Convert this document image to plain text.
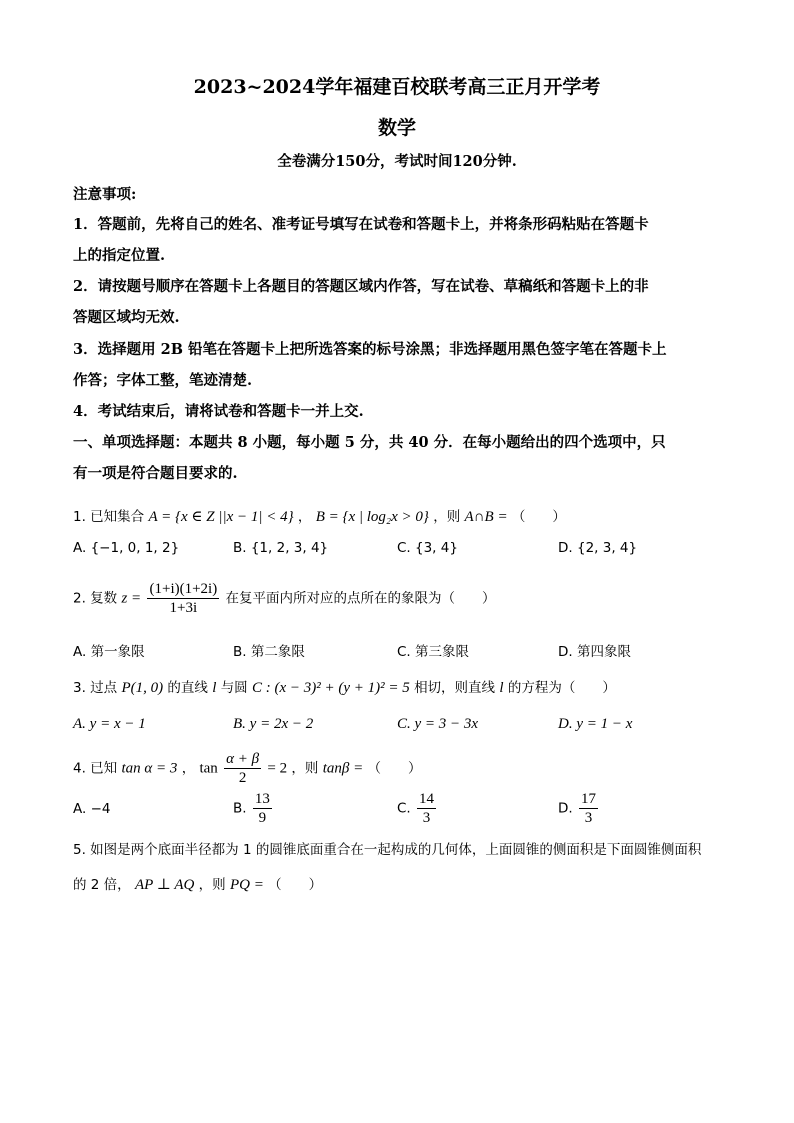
2023~2024学年福建百校联考高三正月开学考
数学
全卷满分150分，考试时间120分钟.
注意事项:
1．答题前，先将自己的姓名、准考证号填写在试卷和答题卡上，并将条形码粘贴在答题卡
上的指定位置.
2．请按题号顺序在答题卡上各题目的答题区域内作答，写在试卷、草稿纸和答题卡上的非
答题区域均无效.
3．选择题用 2B 铅笔在答题卡上把所选答案的标号涂黑；非选择题用黑色签字笔在答题卡上
作答；字体工整，笔迹清楚.
4．考试结束后，请将试卷和答题卡一并上交.
一、单项选择题：本题共 8 小题，每小题 5 分，共 40 分．在每小题给出的四个选项中，只
有一项是符合题目要求的.
1. 已知集合 A = {x ∈ Z ||x − 1| < 4} ， B = {x | log₂x > 0} ，则 A∩B = （　　）
A. {−1, 0, 1, 2}	B. {1, 2, 3, 4}	C. {3, 4}	D. {2, 3, 4}
2. 复数 $z = \frac{(1+i)(1+2i)}{1+3i}$ 在复平面内所对应的点所在的象限为（　　）
A. 第一象限	B. 第二象限	C. 第三象限	D. 第四象限
3. 过点 P(1, 0) 的直线 l 与圆 C : (x − 3)² + (y + 1)² = 5 相切，则直线 l 的方程为（　　）
A. y = x − 1	B. y = 2x − 2	C. y = 3 − 3x	D. y = 1 − x
4. 已知 tan α = 3 ， $\tan \frac{\alpha + \beta}{2} = 2$ ，则 tanβ = （　　）
A. −4	B. $\frac{13}{9}$	C. $\frac{14}{3}$	D. $\frac{17}{3}$
5. 如图是两个底面半径都为 1 的圆锥底面重合在一起构成的几何体，上面圆锥的侧面积是下面圆锥侧面积
的 2 倍， AP ⊥ AQ ，则 PQ = （　　）
